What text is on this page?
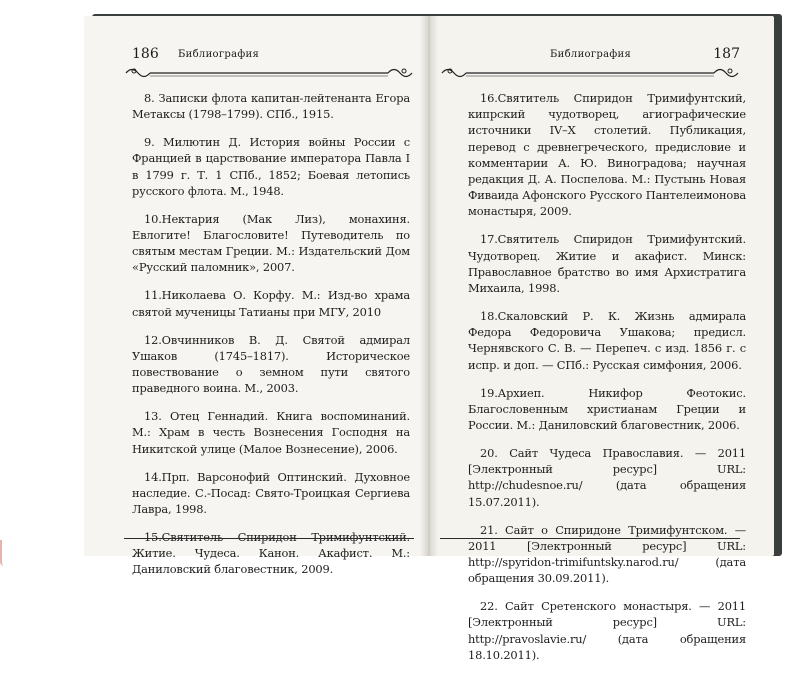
186 Библиография

8. Записки флота капитан-лейтенанта Егора Метаксы (1798–1799). СПб., 1915.

9. Милютин Д. История войны России с Францией в царствование императора Павла I в 1799 г. Т. 1 СПб., 1852; Боевая летопись русского флота. М., 1948.

10.Нектария (Мак Лиз), монахиня. Евлогите! Благословите! Путеводитель по святым местам Греции. М.: Издательский Дом «Русский паломник», 2007.

11.Николаева О. Корфу. М.: Изд-во храма святой мученицы Татианы при МГУ, 2010

12.Овчинников В. Д. Святой адмирал Ушаков (1745–1817). Историческое повествование о земном пути святого праведного воина. М., 2003.

13. Отец Геннадий. Книга воспоминаний. М.: Храм в честь Вознесения Господня на Никитской улице (Малое Вознесение), 2006.

14.Прп. Варсонофий Оптинский. Духовное наследие. С.-Посад: Свято-Троицкая Сергиева Лавра, 1998.

Житие. Чудеса. Канон. Акафист. М.: Даниловский благовестник, 2009.

Библиография	187

16.Святитель Спиридон Тримифунтский, кипрский чудотворец, агиографические источники IV–X столетий. Публикация, перевод с древнегреческого, предисловие и комментарии А. Ю. Виноградова; научная редакция Д. А. Поспелова. М.: Пустынь Новая Фиваида Афонского Русского Пантелеимонова монастыря, 2009.

17.Святитель Спиридон Тримифунтский. Чудотворец. Житие и акафист. Минск: Православное братство во имя Архистратига Михаила, 1998.

18.Скаловский Р. К. Жизнь адмирала Федора Федоровича Ушакова; предисл. Чернявского С. В. — Перепеч. с изд. 1856 г. с испр. и доп. — СПб.: Русская симфония, 2006.

19.Архиеп. Никифор Феотокис. Благословенным христианам Греции и России. М.: Даниловский благовестник, 2006.

20. Сайт Чудеса Православия. — 2011 [Электронный ресурс] URL: http://chudesnoe.ru/ (дата обращения 15.07.2011).

21. Сайт о Спиридоне Тримифунтском. — 2011 [Электронный ресурс] URL: http://spyridon-trimifuntsky.narod.ru/ (дата обращения 30.09.2011).

22. Сайт Сретенского монастыря. — 2011 [Электронный ресурс] URL: http://pravoslavie.ru/ (дата обращения 18.10.2011).
